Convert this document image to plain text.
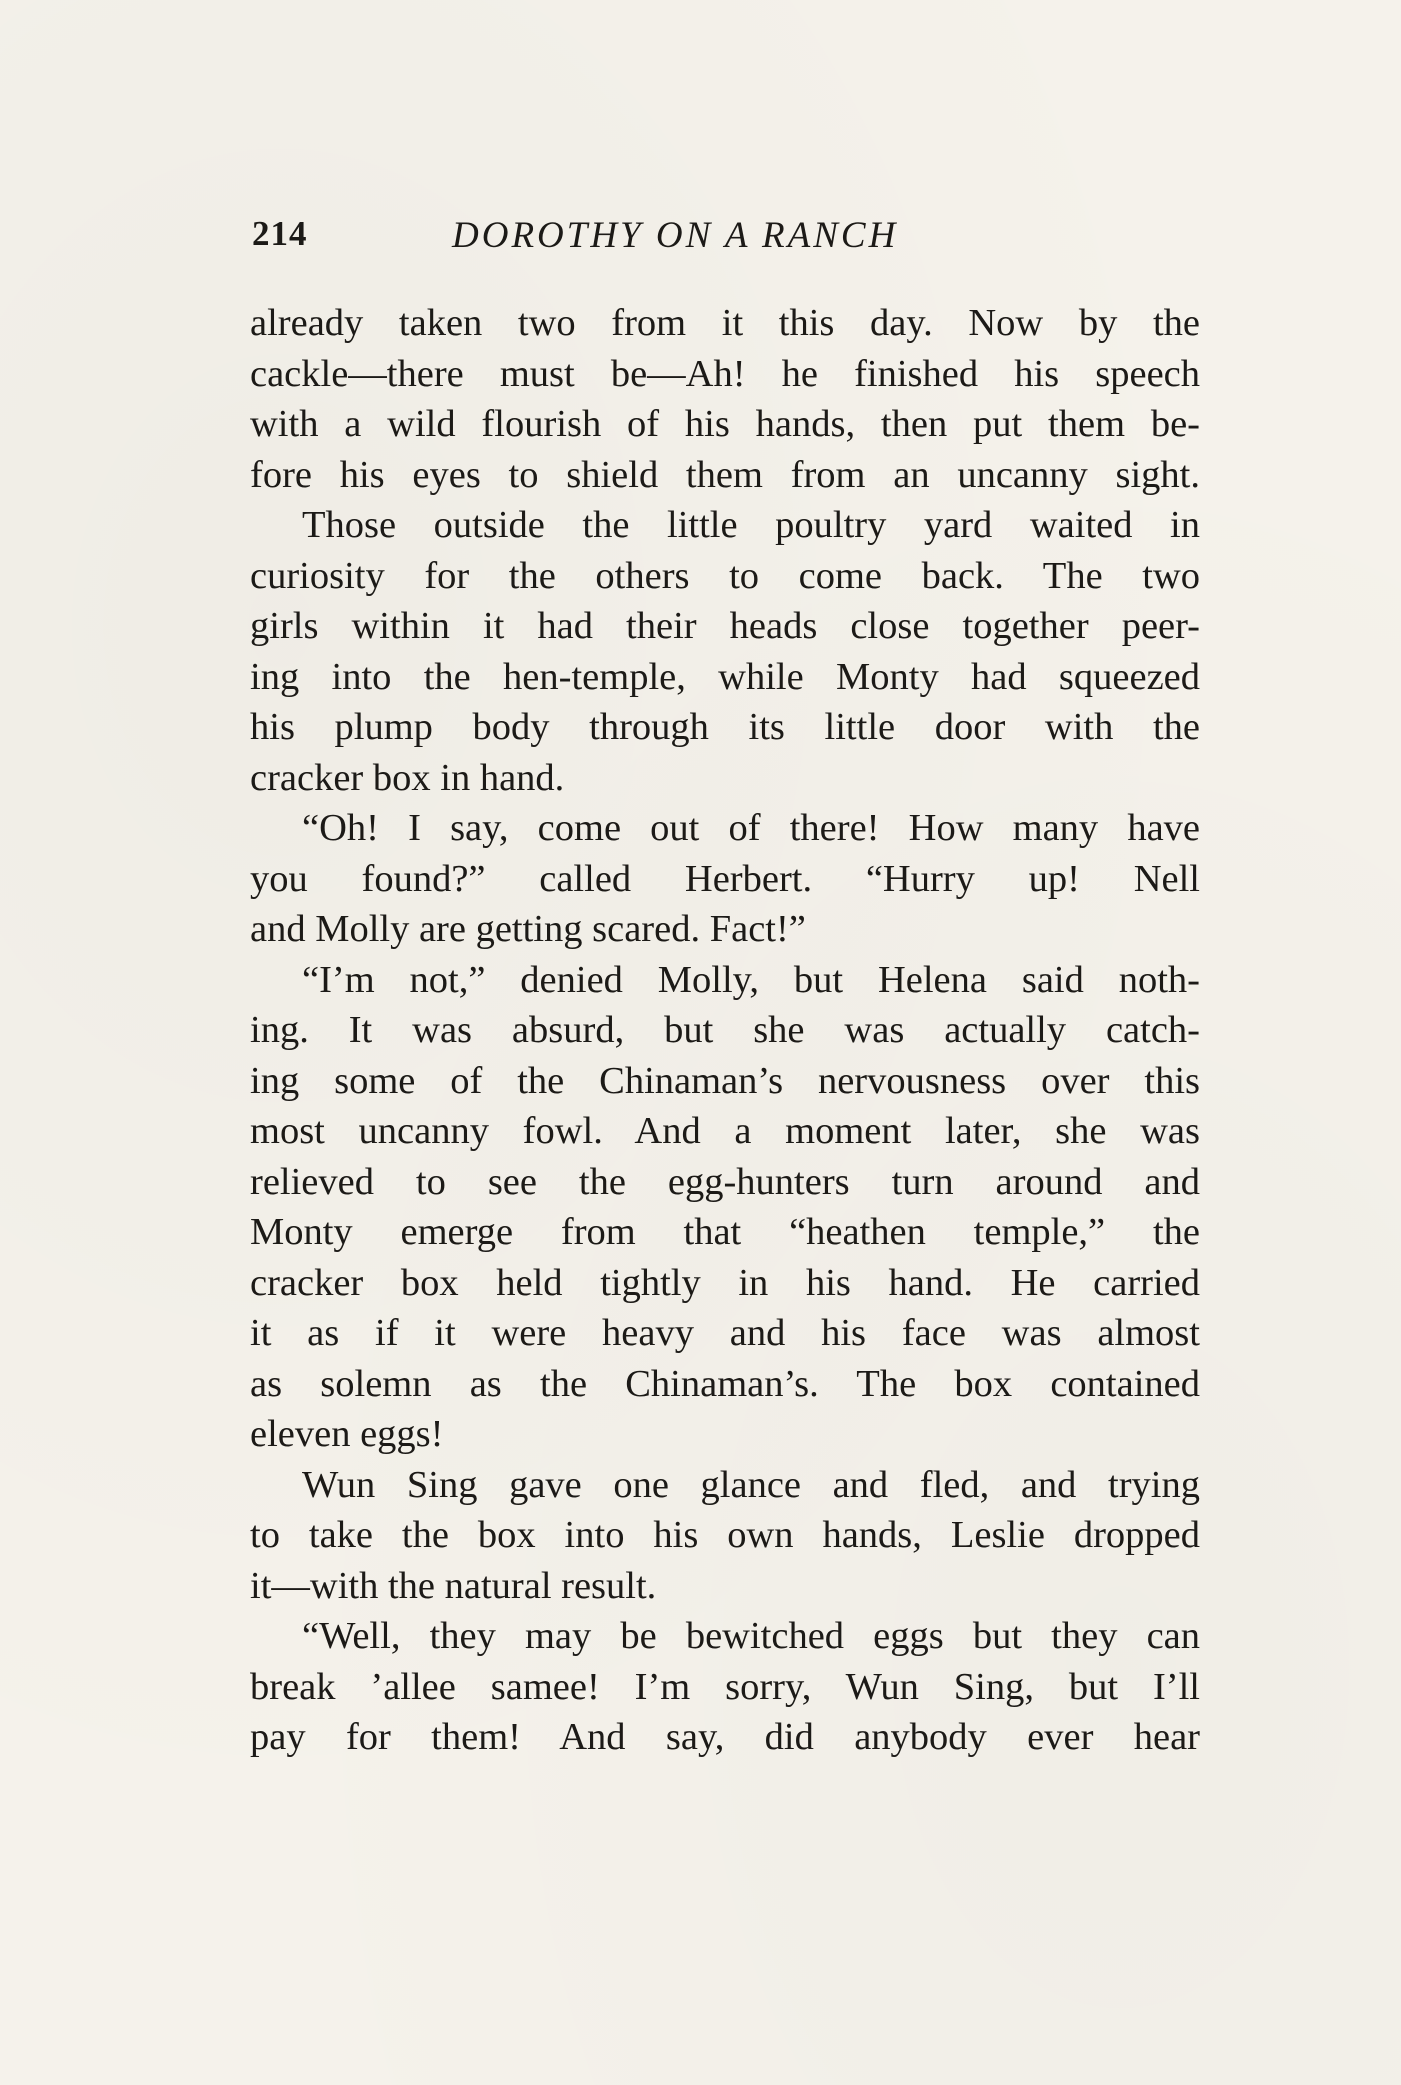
214	DOROTHY ON A RANCH
already taken two from it this day. Now by the
cackle—there must be—Ah! he finished his speech
with a wild flourish of his hands, then put them be-
fore his eyes to shield them from an uncanny sight.
Those outside the little poultry yard waited in
curiosity for the others to come back. The two
girls within it had their heads close together peer-
ing into the hen-temple, while Monty had squeezed
his plump body through its little door with the
cracker box in hand.
“Oh! I say, come out of there! How many have
you found?” called Herbert. “Hurry up! Nell
and Molly are getting scared. Fact!”
“I’m not,” denied Molly, but Helena said noth-
ing. It was absurd, but she was actually catch-
ing some of the Chinaman’s nervousness over this
most uncanny fowl. And a moment later, she was
relieved to see the egg-hunters turn around and
Monty emerge from that “heathen temple,” the
cracker box held tightly in his hand. He carried
it as if it were heavy and his face was almost
as solemn as the Chinaman’s. The box contained
eleven eggs!
Wun Sing gave one glance and fled, and trying
to take the box into his own hands, Leslie dropped
it—with the natural result.
“Well, they may be bewitched eggs but they can
break ’allee samee! I’m sorry, Wun Sing, but I’ll
pay for them! And say, did anybody ever hear
